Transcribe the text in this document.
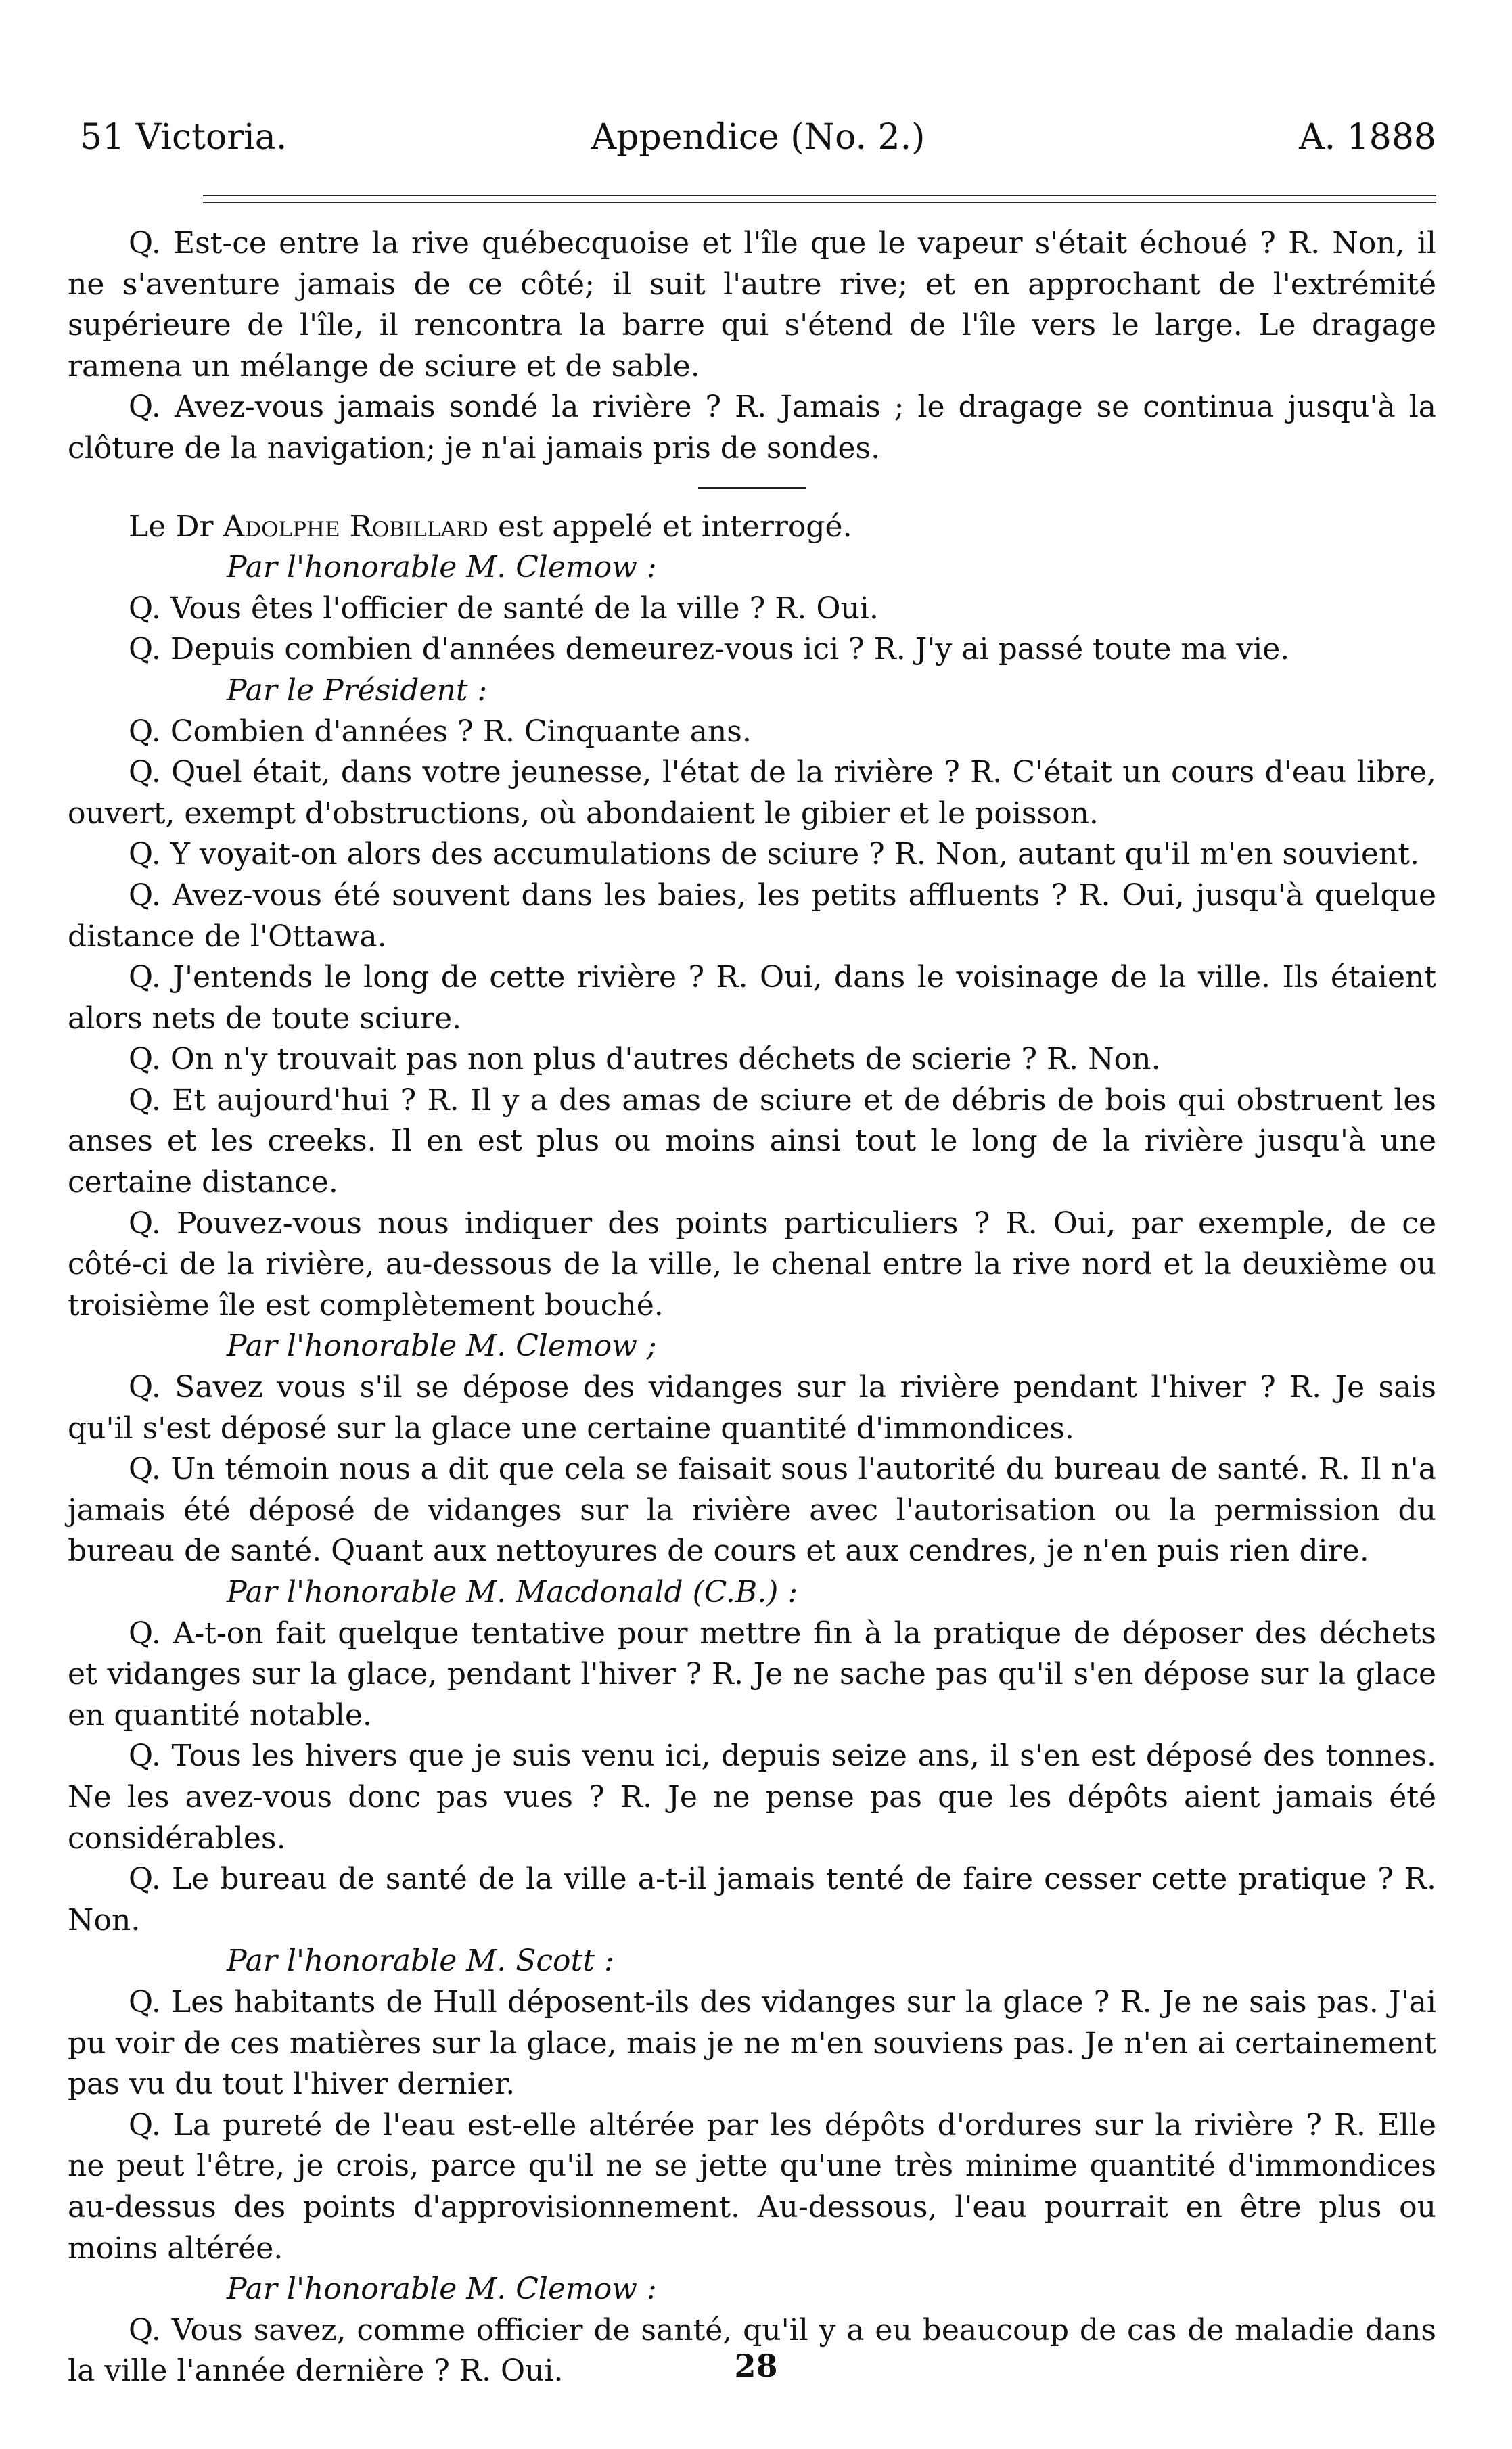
51 Victoria.	Appendice (No. 2.)	A. 1888

Q. Est-ce entre la rive québecquoise et l'île que le vapeur s'était échoué ? R. Non, il ne s'aventure jamais de ce côté; il suit l'autre rive; et en approchant de l'extrémité supérieure de l'île, il rencontra la barre qui s'étend de l'île vers le large. Le dragage ramena un mélange de sciure et de sable.

Q. Avez-vous jamais sondé la rivière ? R. Jamais ; le dragage se continua jusqu'à la clôture de la navigation; je n'ai jamais pris de sondes.

Le Dr Adolphe Robillard est appelé et interrogé.

Par l'honorable M. Clemow :

Q. Vous êtes l'officier de santé de la ville ? R. Oui.

Q. Depuis combien d'années demeurez-vous ici ? R. J'y ai passé toute ma vie.

Par le Président :

Q. Combien d'années ? R. Cinquante ans.

Q. Quel était, dans votre jeunesse, l'état de la rivière ? R. C'était un cours d'eau libre, ouvert, exempt d'obstructions, où abondaient le gibier et le poisson.

Q. Y voyait-on alors des accumulations de sciure ? R. Non, autant qu'il m'en souvient.

Q. Avez-vous été souvent dans les baies, les petits affluents ? R. Oui, jusqu'à quelque distance de l'Ottawa.

Q. J'entends le long de cette rivière ? R. Oui, dans le voisinage de la ville. Ils étaient alors nets de toute sciure.

Q. On n'y trouvait pas non plus d'autres déchets de scierie ? R. Non.

Q. Et aujourd'hui ? R. Il y a des amas de sciure et de débris de bois qui obstruent les anses et les creeks. Il en est plus ou moins ainsi tout le long de la rivière jusqu'à une certaine distance.

Q. Pouvez-vous nous indiquer des points particuliers ? R. Oui, par exemple, de ce côté-ci de la rivière, au-dessous de la ville, le chenal entre la rive nord et la deuxième ou troisième île est complètement bouché.

Par l'honorable M. Clemow ;

Q. Savez vous s'il se dépose des vidanges sur la rivière pendant l'hiver ? R. Je sais qu'il s'est déposé sur la glace une certaine quantité d'immondices.

Q. Un témoin nous a dit que cela se faisait sous l'autorité du bureau de santé. R. Il n'a jamais été déposé de vidanges sur la rivière avec l'autorisation ou la permission du bureau de santé. Quant aux nettoyures de cours et aux cendres, je n'en puis rien dire.

Par l'honorable M. Macdonald (C.B.) :

Q. A-t-on fait quelque tentative pour mettre fin à la pratique de déposer des déchets et vidanges sur la glace, pendant l'hiver ? R. Je ne sache pas qu'il s'en dépose sur la glace en quantité notable.

Q. Tous les hivers que je suis venu ici, depuis seize ans, il s'en est déposé des tonnes. Ne les avez-vous donc pas vues ? R. Je ne pense pas que les dépôts aient jamais été considérables.

Q. Le bureau de santé de la ville a-t-il jamais tenté de faire cesser cette pratique ? R. Non.

Par l'honorable M. Scott :

Q. Les habitants de Hull déposent-ils des vidanges sur la glace ? R. Je ne sais pas. J'ai pu voir de ces matières sur la glace, mais je ne m'en souviens pas. Je n'en ai certainement pas vu du tout l'hiver dernier.

Q. La pureté de l'eau est-elle altérée par les dépôts d'ordures sur la rivière ? R. Elle ne peut l'être, je crois, parce qu'il ne se jette qu'une très minime quantité d'immondices au-dessus des points d'approvisionnement. Au-dessous, l'eau pourrait en être plus ou moins altérée.

Par l'honorable M. Clemow :

Q. Vous savez, comme officier de santé, qu'il y a eu beaucoup de cas de maladie dans la ville l'année dernière ? R. Oui.	28
